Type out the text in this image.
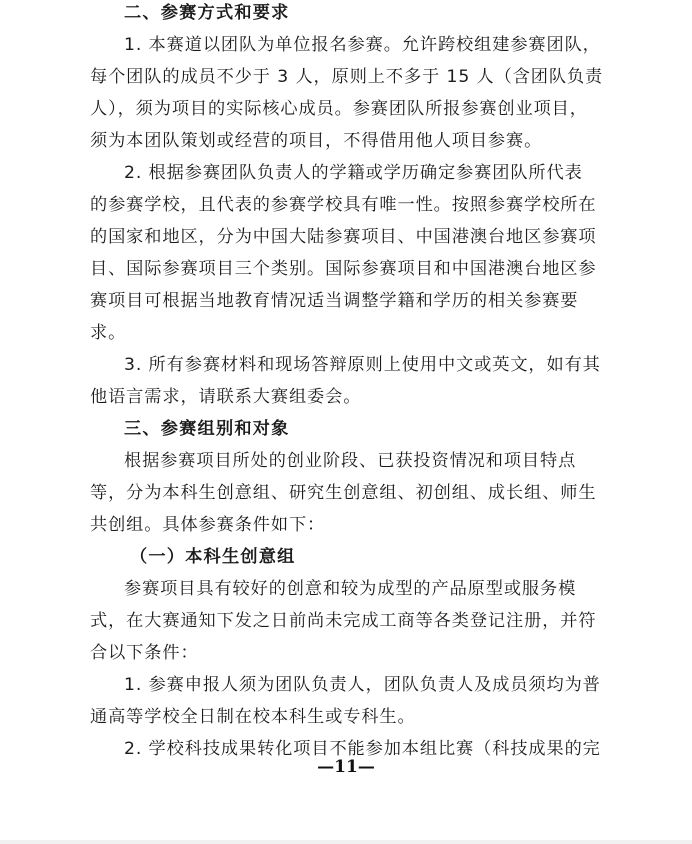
二、参赛方式和要求
1. 本赛道以团队为单位报名参赛。允许跨校组建参赛团队，
每个团队的成员不少于 3 人，原则上不多于 15 人（含团队负责
人），须为项目的实际核心成员。参赛团队所报参赛创业项目，
须为本团队策划或经营的项目，不得借用他人项目参赛。
2. 根据参赛团队负责人的学籍或学历确定参赛团队所代表
的参赛学校，且代表的参赛学校具有唯一性。按照参赛学校所在
的国家和地区，分为中国大陆参赛项目、中国港澳台地区参赛项
目、国际参赛项目三个类别。国际参赛项目和中国港澳台地区参
赛项目可根据当地教育情况适当调整学籍和学历的相关参赛要
求。
3. 所有参赛材料和现场答辩原则上使用中文或英文，如有其
他语言需求，请联系大赛组委会。
三、参赛组别和对象
根据参赛项目所处的创业阶段、已获投资情况和项目特点
等，分为本科生创意组、研究生创意组、初创组、成长组、师生
共创组。具体参赛条件如下：
（一）本科生创意组
参赛项目具有较好的创意和较为成型的产品原型或服务模
式，在大赛通知下发之日前尚未完成工商等各类登记注册，并符
合以下条件：
1. 参赛申报人须为团队负责人，团队负责人及成员须均为普
通高等学校全日制在校本科生或专科生。
2. 学校科技成果转化项目不能参加本组比赛（科技成果的完
—11—
